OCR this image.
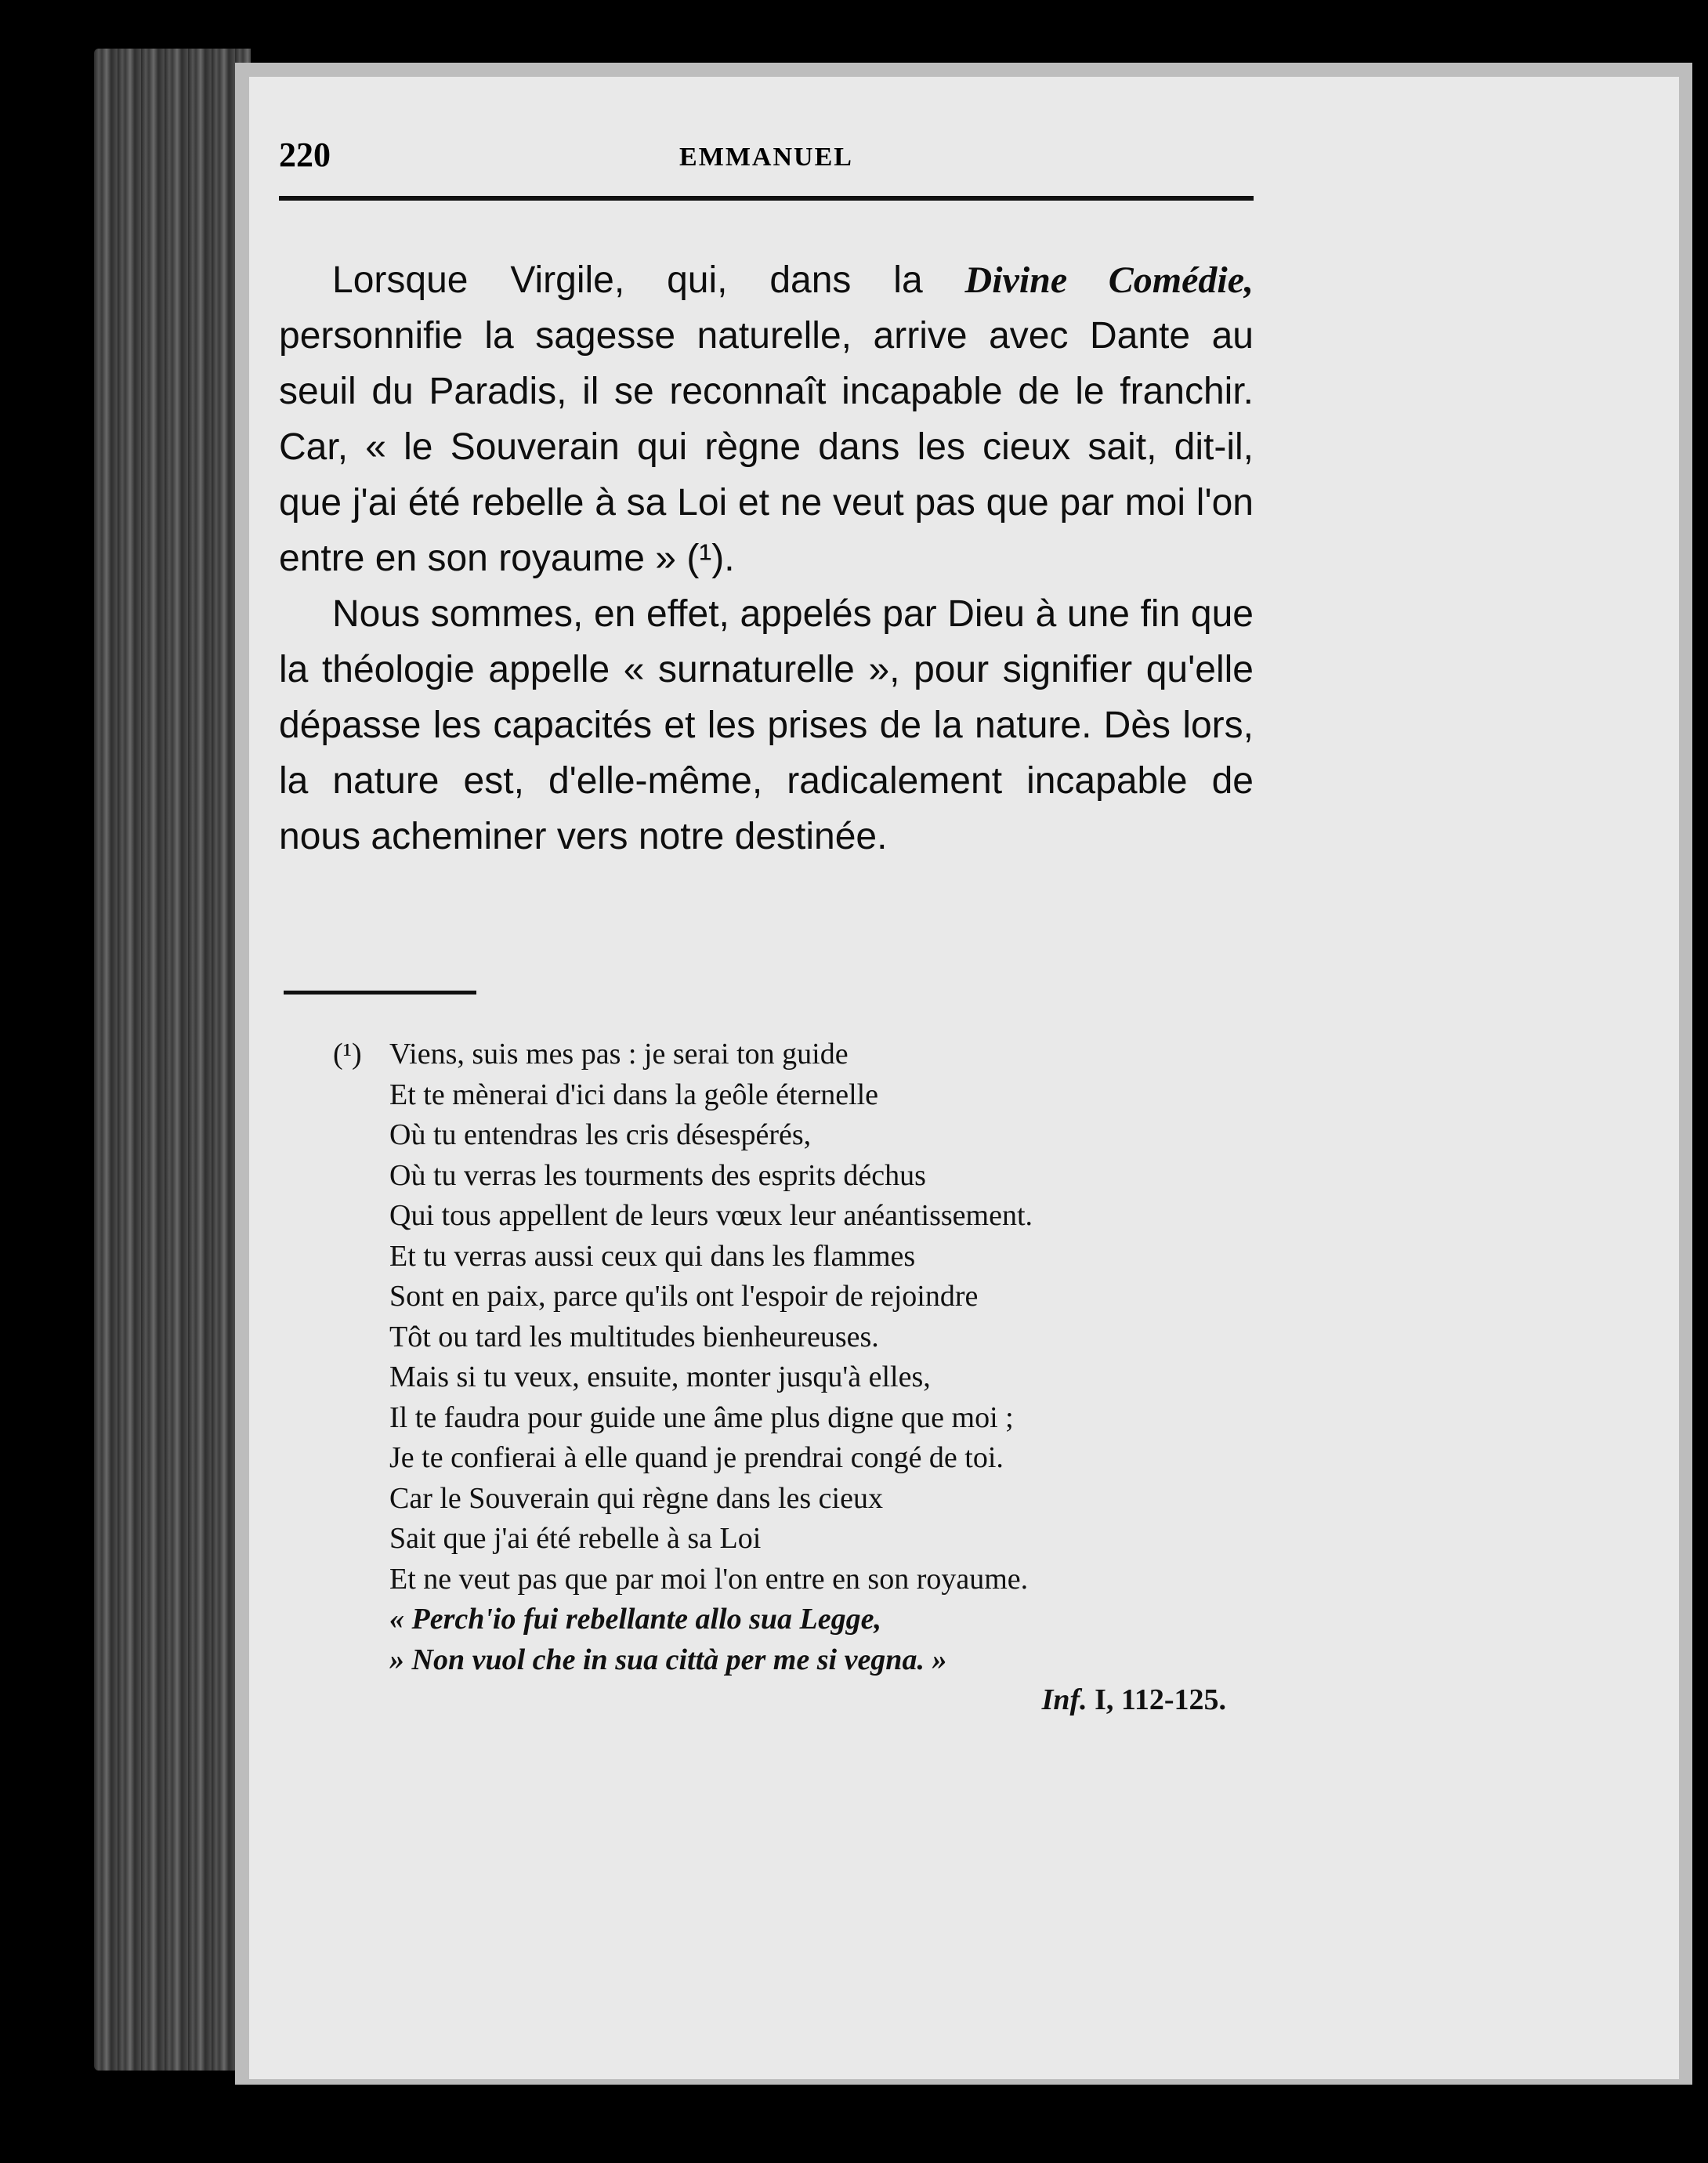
220	EMMANUEL

Lorsque Virgile, qui, dans la Divine Comédie, personnifie la sagesse naturelle, arrive avec Dante au seuil du Paradis, il se reconnaît incapable de le franchir. Car, « le Souverain qui règne dans les cieux sait, dit-il, que j'ai été rebelle à sa Loi et ne veut pas que par moi l'on entre en son royaume » (¹).

Nous sommes, en effet, appelés par Dieu à une fin que la théologie appelle « surnaturelle », pour signifier qu'elle dépasse les capacités et les prises de la nature. Dès lors, la nature est, d'elle-même, radicalement incapable de nous acheminer vers notre destinée.

(¹) Viens, suis mes pas : je serai ton guide
Et te mènerai d'ici dans la geôle éternelle
Où tu entendras les cris désespérés,
Où tu verras les tourments des esprits déchus
Qui tous appellent de leurs vœux leur anéantissement.
Et tu verras aussi ceux qui dans les flammes
Sont en paix, parce qu'ils ont l'espoir de rejoindre
Tôt ou tard les multitudes bienheureuses.
Mais si tu veux, ensuite, monter jusqu'à elles,
Il te faudra pour guide une âme plus digne que moi ;
Je te confierai à elle quand je prendrai congé de toi.
Car le Souverain qui règne dans les cieux
Sait que j'ai été rebelle à sa Loi
Et ne veut pas que par moi l'on entre en son royaume.
« Perch'io fui rebellante allo sua Legge,
» Non vuol che in sua città per me si vegna. »
Inf. I, 112-125.
